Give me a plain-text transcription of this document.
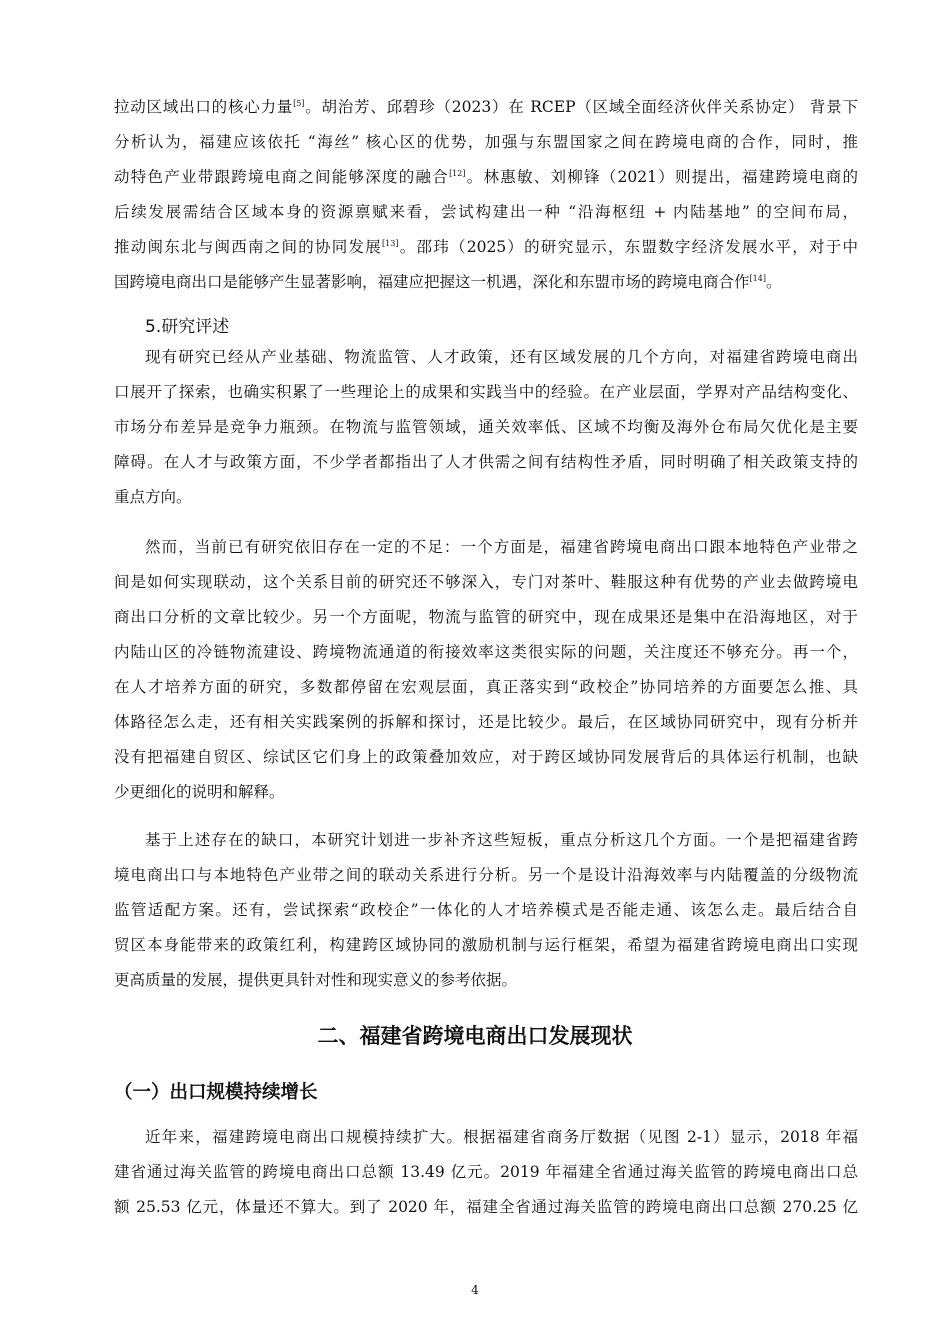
拉动区域出口的核心力量[5]。胡治芳、邱碧珍（2023）在 RCEP（区域全面经济伙伴关系协定） 背景下
分析认为，福建应该依托 “海丝” 核心区的优势，加强与东盟国家之间在跨境电商的合作，同时，推
动特色产业带跟跨境电商之间能够深度的融合[12]。林惠敏、刘柳锋（2021）则提出，福建跨境电商的
后续发展需结合区域本身的资源禀赋来看，尝试构建出一种 “沿海枢纽 + 内陆基地” 的空间布局，
推动闽东北与闽西南之间的协同发展[13]。邵玮（2025）的研究显示，东盟数字经济发展水平，对于中
国跨境电商出口是能够产生显著影响，福建应把握这一机遇，深化和东盟市场的跨境电商合作[14]。
5.研究评述
现有研究已经从产业基础、物流监管、人才政策，还有区域发展的几个方向，对福建省跨境电商出
口展开了探索，也确实积累了一些理论上的成果和实践当中的经验。在产业层面，学界对产品结构变化、
市场分布差异是竞争力瓶颈。在物流与监管领域，通关效率低、区域不均衡及海外仓布局欠优化是主要
障碍。在人才与政策方面，不少学者都指出了人才供需之间有结构性矛盾，同时明确了相关政策支持的
重点方向。
然而，当前已有研究依旧存在一定的不足：一个方面是，福建省跨境电商出口跟本地特色产业带之
间是如何实现联动，这个关系目前的研究还不够深入，专门对茶叶、鞋服这种有优势的产业去做跨境电
商出口分析的文章比较少。另一个方面呢，物流与监管的研究中，现在成果还是集中在沿海地区，对于
内陆山区的冷链物流建设、跨境物流通道的衔接效率这类很实际的问题，关注度还不够充分。再一个，
在人才培养方面的研究，多数都停留在宏观层面，真正落实到“政校企”协同培养的方面要怎么推、具
体路径怎么走，还有相关实践案例的拆解和探讨，还是比较少。最后，在区域协同研究中，现有分析并
没有把福建自贸区、综试区它们身上的政策叠加效应，对于跨区域协同发展背后的具体运行机制，也缺
少更细化的说明和解释。
基于上述存在的缺口，本研究计划进一步补齐这些短板，重点分析这几个方面。一个是把福建省跨
境电商出口与本地特色产业带之间的联动关系进行分析。另一个是设计沿海效率与内陆覆盖的分级物流
监管适配方案。还有，尝试探索“政校企”一体化的人才培养模式是否能走通、该怎么走。最后结合自
贸区本身能带来的政策红利，构建跨区域协同的激励机制与运行框架，希望为福建省跨境电商出口实现
更高质量的发展，提供更具针对性和现实意义的参考依据。
二、福建省跨境电商出口发展现状
（一）出口规模持续增长
近年来，福建跨境电商出口规模持续扩大。根据福建省商务厅数据（见图 2-1）显示，2018 年福
建省通过海关监管的跨境电商出口总额 13.49 亿元。2019 年福建全省通过海关监管的跨境电商出口总
额 25.53 亿元，体量还不算大。到了 2020 年，福建全省通过海关监管的跨境电商出口总额 270.25 亿
4
